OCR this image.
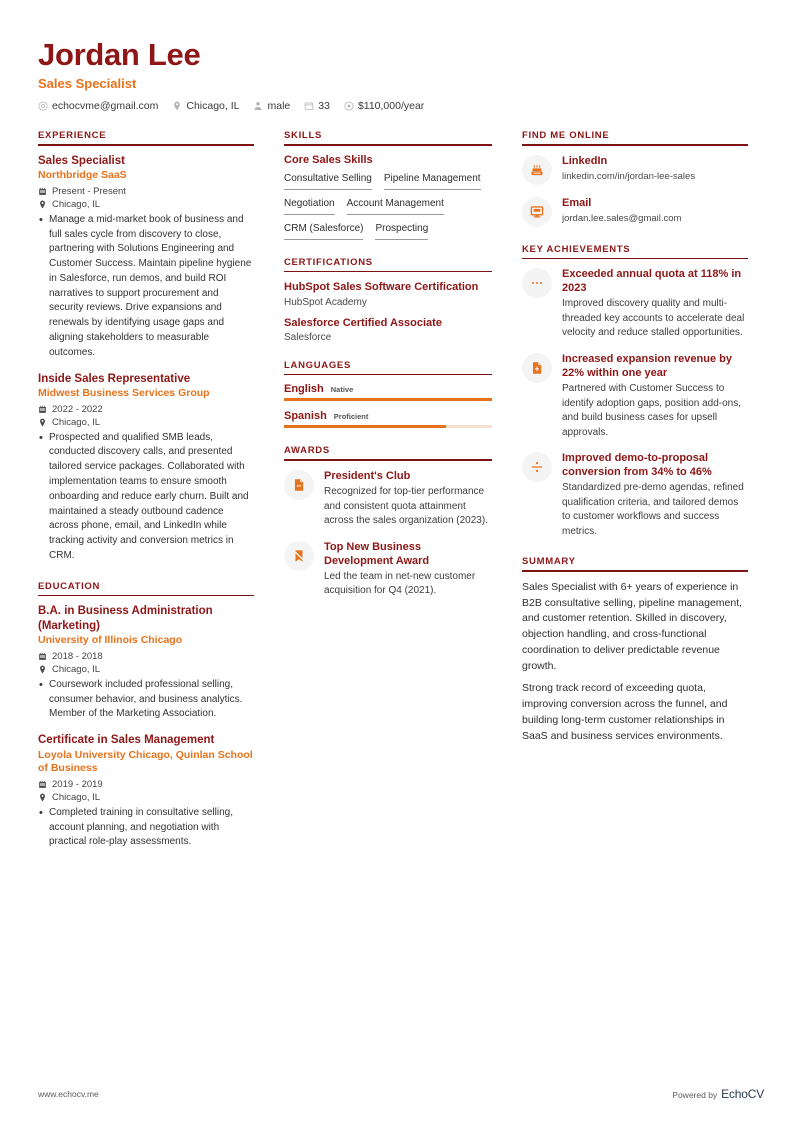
Jordan Lee
Sales Specialist
echocvme@gmail.com	Chicago, IL	male	33	$110,000/year
EXPERIENCE
Sales Specialist
Northbridge SaaS
Present - Present
Chicago, IL
• Manage a mid-market book of business and full sales cycle from discovery to close, partnering with Solutions Engineering and Customer Success. Maintain pipeline hygiene in Salesforce, run demos, and build ROI narratives to support procurement and security reviews. Drive expansions and renewals by identifying usage gaps and aligning stakeholders to measurable outcomes.
Inside Sales Representative
Midwest Business Services Group
2022 - 2022
Chicago, IL
• Prospected and qualified SMB leads, conducted discovery calls, and presented tailored service packages. Collaborated with implementation teams to ensure smooth onboarding and reduce early churn. Built and maintained a steady outbound cadence across phone, email, and LinkedIn while tracking activity and conversion metrics in CRM.
EDUCATION
B.A. in Business Administration (Marketing)
University of Illinois Chicago
2018 - 2018
Chicago, IL
• Coursework included professional selling, consumer behavior, and business analytics. Member of the Marketing Association.
Certificate in Sales Management
Loyola University Chicago, Quinlan School of Business
2019 - 2019
Chicago, IL
• Completed training in consultative selling, account planning, and negotiation with practical role-play assessments.
SKILLS
Core Sales Skills
Consultative Selling Pipeline Management
Negotiation Account Management
CRM (Salesforce) Prospecting
CERTIFICATIONS
HubSpot Sales Software Certification
HubSpot Academy
Salesforce Certified Associate
Salesforce
LANGUAGES
English Native
Spanish Proficient
AWARDS
President's Club
Recognized for top-tier performance and consistent quota attainment across the sales organization (2023).
Top New Business Development Award
Led the team in net-new customer acquisition for Q4 (2021).
FIND ME ONLINE
LinkedIn
linkedin.com/in/jordan-lee-sales
Email
jordan.lee.sales@gmail.com
KEY ACHIEVEMENTS
Exceeded annual quota at 118% in 2023
Improved discovery quality and multi-threaded key accounts to accelerate deal velocity and reduce stalled opportunities.
Increased expansion revenue by 22% within one year
Partnered with Customer Success to identify adoption gaps, position add-ons, and build business cases for upsell approvals.
Improved demo-to-proposal conversion from 34% to 46%
Standardized pre-demo agendas, refined qualification criteria, and tailored demos to customer workflows and success metrics.
SUMMARY

Sales Specialist with 6+ years of experience in B2B consultative selling, pipeline management, and customer retention. Skilled in discovery, objection handling, and cross-functional coordination to deliver predictable revenue growth.

Strong track record of exceeding quota, improving conversion across the funnel, and building long-term customer relationships in SaaS and business services environments.

www.echocv.me	Powered by EchoCV
